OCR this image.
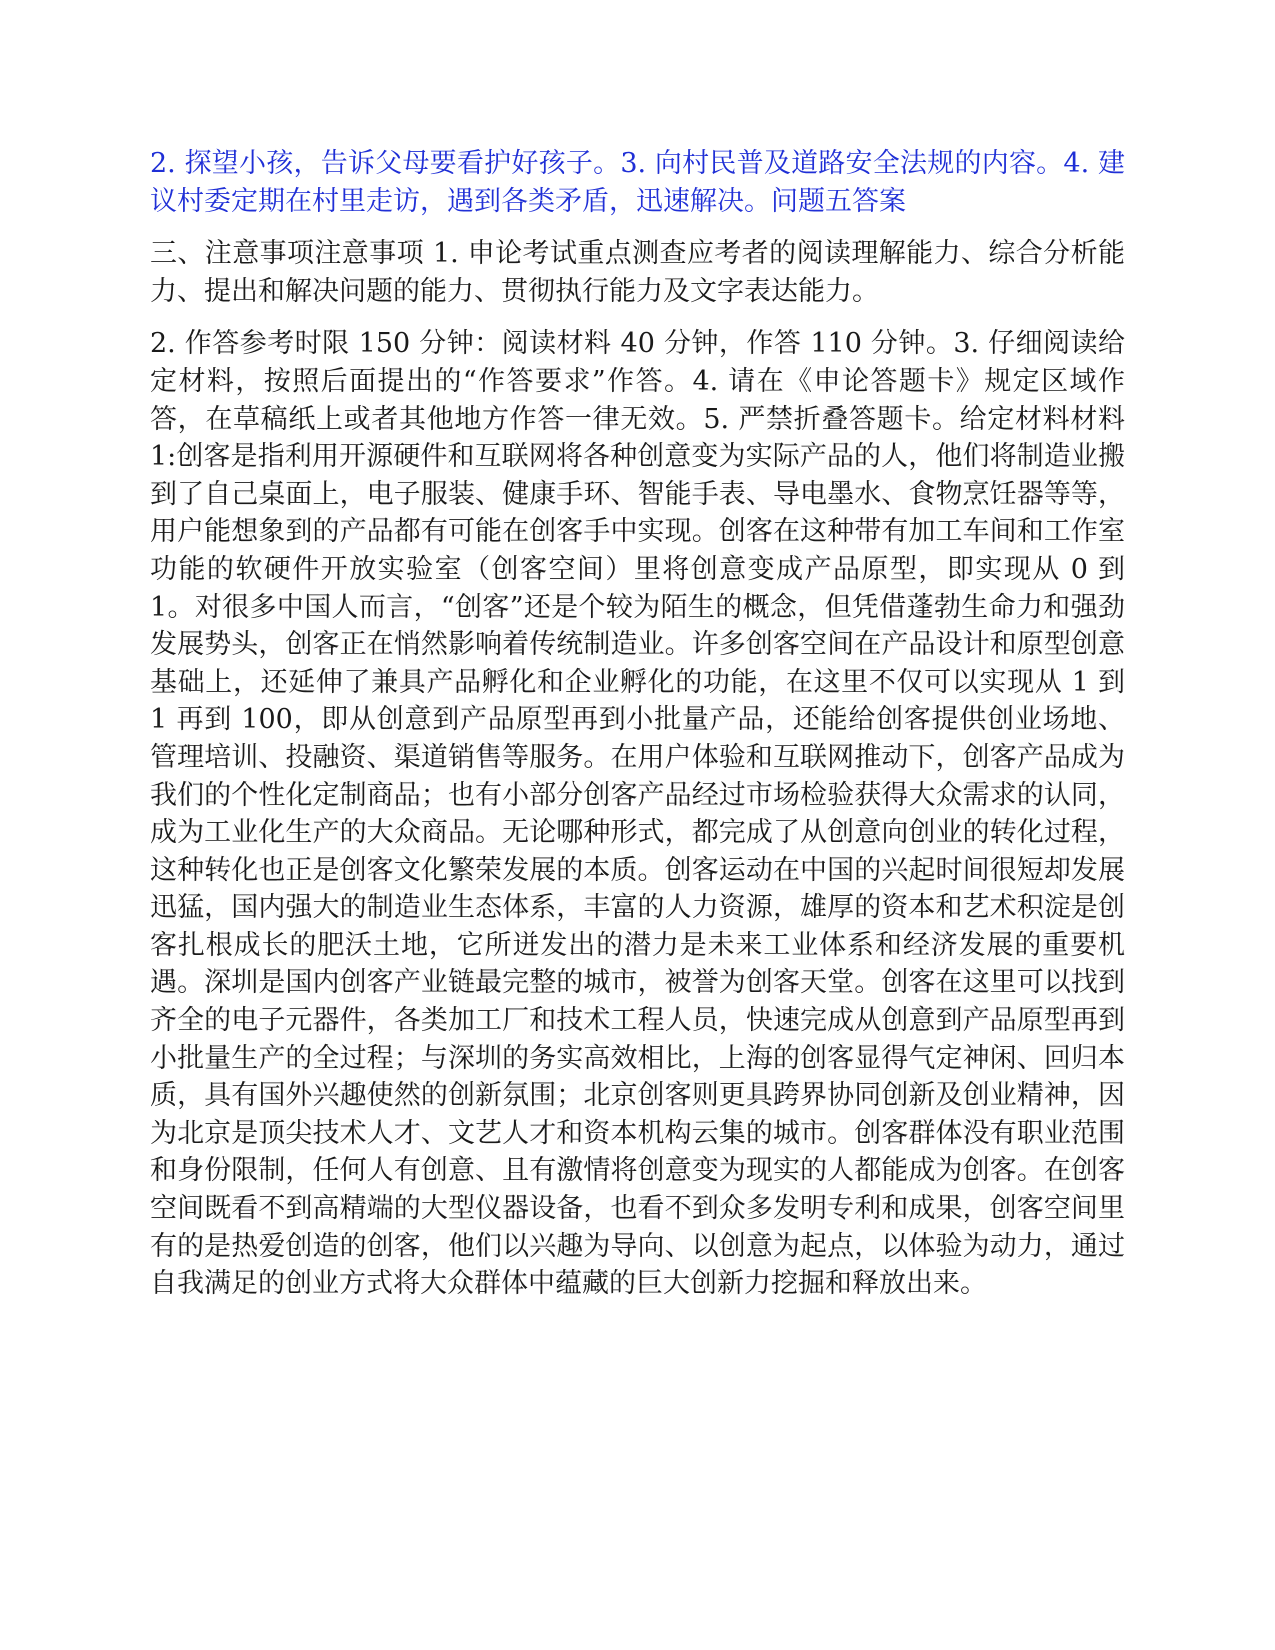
2. 探望小孩，告诉父母要看护好孩子。3. 向村民普及道路安全法规的内容。4. 建议村委定期在村里走访，遇到各类矛盾，迅速解决。问题五答案

三、注意事项注意事项 1. 申论考试重点测查应考者的阅读理解能力、综合分析能力、提出和解决问题的能力、贯彻执行能力及文字表达能力。

2. 作答参考时限 150 分钟：阅读材料 40 分钟，作答 110 分钟。3. 仔细阅读给定材料，按照后面提出的“作答要求”作答。4. 请在《申论答题卡》规定区域作答，在草稿纸上或者其他地方作答一律无效。5. 严禁折叠答题卡。给定材料材料 1:创客是指利用开源硬件和互联网将各种创意变为实际产品的人，他们将制造业搬到了自己桌面上，电子服装、健康手环、智能手表、导电墨水、食物烹饪器等等，用户能想象到的产品都有可能在创客手中实现。创客在这种带有加工车间和工作室功能的软硬件开放实验室（创客空间）里将创意变成产品原型，即实现从 0 到 1。对很多中国人而言，“创客”还是个较为陌生的概念，但凭借蓬勃生命力和强劲发展势头，创客正在悄然影响着传统制造业。许多创客空间在产品设计和原型创意基础上，还延伸了兼具产品孵化和企业孵化的功能，在这里不仅可以实现从 1 到 1 再到 100，即从创意到产品原型再到小批量产品，还能给创客提供创业场地、管理培训、投融资、渠道销售等服务。在用户体验和互联网推动下，创客产品成为我们的个性化定制商品；也有小部分创客产品经过市场检验获得大众需求的认同，成为工业化生产的大众商品。无论哪种形式，都完成了从创意向创业的转化过程，这种转化也正是创客文化繁荣发展的本质。创客运动在中国的兴起时间很短却发展迅猛，国内强大的制造业生态体系，丰富的人力资源，雄厚的资本和艺术积淀是创客扎根成长的肥沃土地，它所迸发出的潜力是未来工业体系和经济发展的重要机遇。深圳是国内创客产业链最完整的城市，被誉为创客天堂。创客在这里可以找到齐全的电子元器件，各类加工厂和技术工程人员，快速完成从创意到产品原型再到小批量生产的全过程；与深圳的务实高效相比，上海的创客显得气定神闲、回归本质，具有国外兴趣使然的创新氛围；北京创客则更具跨界协同创新及创业精神，因为北京是顶尖技术人才、文艺人才和资本机构云集的城市。创客群体没有职业范围和身份限制，任何人有创意、且有激情将创意变为现实的人都能成为创客。在创客空间既看不到高精端的大型仪器设备，也看不到众多发明专利和成果，创客空间里有的是热爱创造的创客，他们以兴趣为导向、以创意为起点，以体验为动力，通过自我满足的创业方式将大众群体中蕴藏的巨大创新力挖掘和释放出来。
